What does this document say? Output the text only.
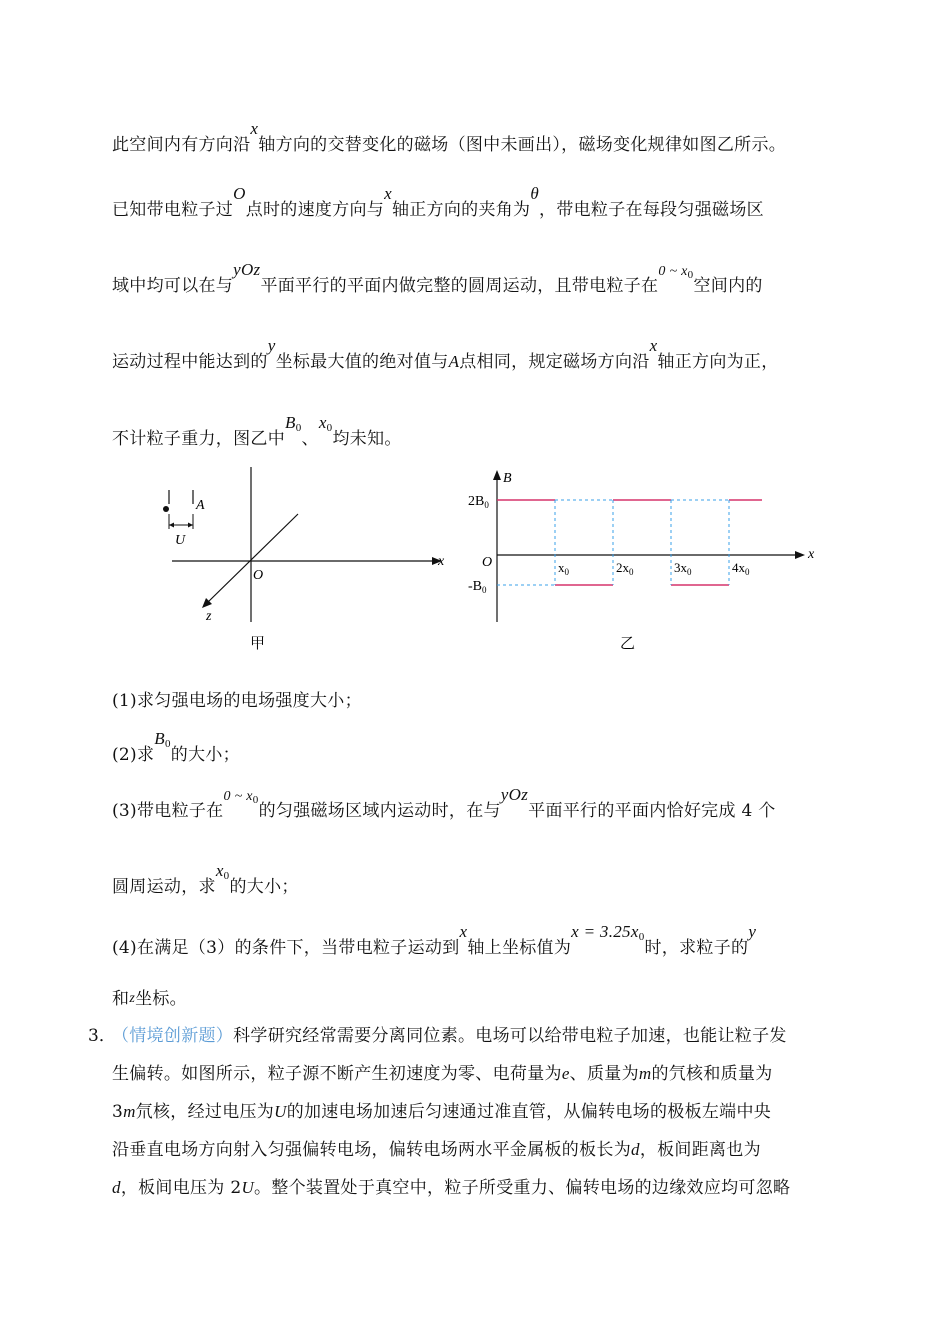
此空间内有方向沿x轴方向的交替变化的磁场（图中未画出），磁场变化规律如图乙所示。
已知带电粒子过O点时的速度方向与x轴正方向的夹角为θ，带电粒子在每段匀强磁场区
域中均可以在与yOz平面平行的平面内做完整的圆周运动，且带电粒子在$^{0 \sim x_0}$空间内的
运动过程中能达到的y坐标最大值的绝对值与A点相同，规定磁场方向沿x轴正方向为正，
不计粒子重力，图乙中B0、x0均未知。
A
U
O
x
z
甲
B
$2B_0$
O
$-B_0$
x
$x_0$	$2x_0$	$3x_0$	$4x_0$
乙
(1)求匀强电场的电场强度大小；
(2)求B0的大小；
(3)带电粒子在$^{0 \sim x_0}$的匀强磁场区域内运动时，在与yOz平面平行的平面内恰好完成 4 个
圆周运动，求x0的大小；
(4)在满足（3）的条件下，当带电粒子运动到x轴上坐标值为x = 3.25x0时，求粒子的y
和z坐标。
3．
（情境创新题）科学研究经常需要分离同位素。电场可以给带电粒子加速，也能让粒子发
生偏转。如图所示，粒子源不断产生初速度为零、电荷量为e、质量为m的氕核和质量为
3m氘核，经过电压为U的加速电场加速后匀速通过准直管，从偏转电场的极板左端中央
沿垂直电场方向射入匀强偏转电场，偏转电场两水平金属板的板长为d，板间距离也为
d，板间电压为 2U。整个装置处于真空中，粒子所受重力、偏转电场的边缘效应均可忽略
